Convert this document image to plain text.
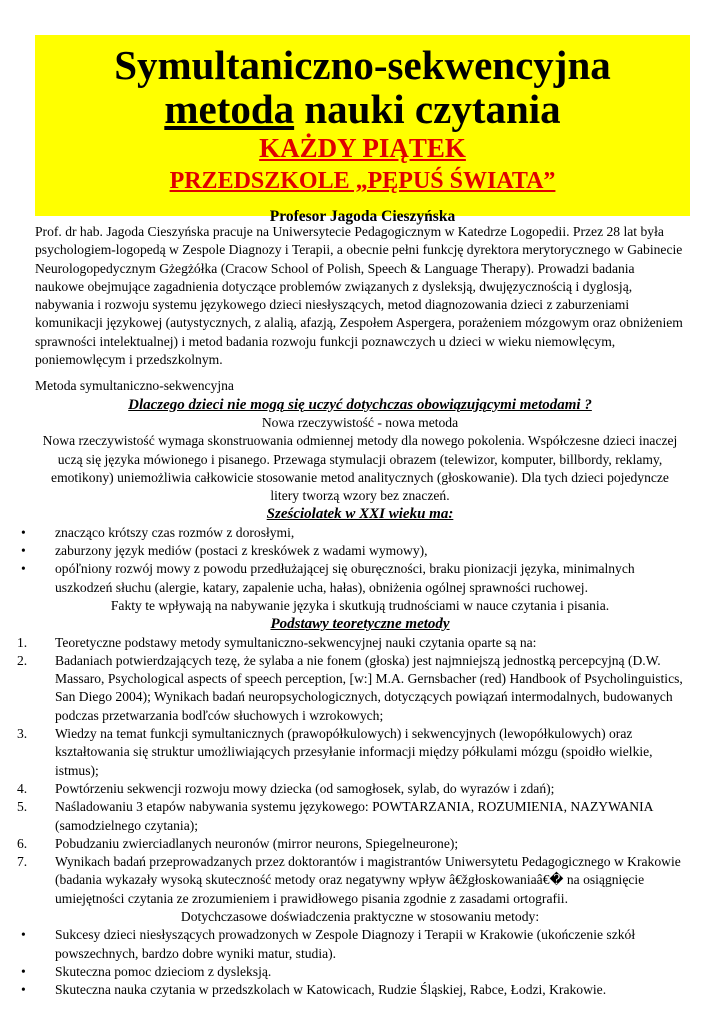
Symultaniczno-sekwencyjna
metoda nauki czytania
KAŻDY PIĄTEK
PRZEDSZKOLE „PĘPUŚ ŚWIATA”
Profesor Jagoda Cieszyńska

Prof. dr hab. Jagoda Cieszyńska pracuje na Uniwersytecie Pedagogicznym w Katedrze Logopedii. Przez 28 lat była psychologiem-logopedą w Zespole Diagnozy i Terapii, a obecnie pełni funkcję dyrektora merytorycznego w Gabinecie Neurologopedycznym Gżegżółka (Cracow School of Polish, Speech & Language Therapy). Prowadzi badania naukowe obejmujące zagadnienia dotyczące problemów związanych z dysleksją, dwujęzycznością i dyglosją, nabywania i rozwoju systemu językowego dzieci niesłyszących, metod diagnozowania dzieci z zaburzeniami komunikacji językowej (autystycznych, z alalią, afazją, Zespołem Aspergera, porażeniem mózgowym oraz obniżeniem sprawności intelektualnej) i metod badania rozwoju funkcji poznawczych u dzieci w wieku niemowlęcym, poniemowlęcym i przedszkolnym.

Metoda symultaniczno-sekwencyjna

Dlaczego dzieci nie mogą się uczyć dotychczas obowiązującymi metodami ?

Nowa rzeczywistość - nowa metoda

Nowa rzeczywistość wymaga skonstruowania odmiennej metody dla nowego pokolenia. Współczesne dzieci inaczej uczą się języka mówionego i pisanego. Przewaga stymulacji obrazem (telewizor, komputer, billbordy, reklamy, emotikony) uniemożliwia całkowicie stosowanie metod analitycznych (głoskowanie). Dla tych dzieci pojedyncze litery tworzą wzory bez znaczeń.

Sześciolatek w XXI wieku ma:

• znacząco krótszy czas rozmów z dorosłymi,
• zaburzony język mediów (postaci z kreskówek z wadami wymowy),
• opóľniony rozwój mowy z powodu przedłużającej się oburęczności, braku pionizacji języka, minimalnych uszkodzeń słuchu (alergie, katary, zapalenie ucha, hałas), obniżenia ogólnej sprawności ruchowej.

Fakty te wpływają na nabywanie języka i skutkują trudnościami w nauce czytania i pisania.

Podstawy teoretyczne metody

1. Teoretyczne podstawy metody symultaniczno-sekwencyjnej nauki czytania oparte są na:
2. Badaniach potwierdzających tezę, że sylaba a nie fonem (głoska) jest najmniejszą jednostką percepcyjną (D.W. Massaro, Psychological aspects of speech perception, [w:] M.A. Gernsbacher (red) Handbook of Psycholinguistics, San Diego 2004); Wynikach badań neuropsychologicznych, dotyczących powiązań intermodalnych, budowanych podczas przetwarzania bodľców słuchowych i wzrokowych;
3. Wiedzy na temat funkcji symultanicznych (prawopółkulowych) i sekwencyjnych (lewopółkulowych) oraz kształtowania się struktur umożliwiających przesyłanie informacji między półkulami mózgu (spoidło wielkie, istmus);
4. Powtórzeniu sekwencji rozwoju mowy dziecka (od samogłosek, sylab, do wyrazów i zdań);
5. Naśladowaniu 3 etapów nabywania systemu językowego: POWTARZANIA, ROZUMIENIA, NAZYWANIA (samodzielnego czytania);
6. Pobudzaniu zwierciadlanych neuronów (mirror neurons, Spiegelneurone);
7. Wynikach badań przeprowadzanych przez doktorantów i magistrantów Uniwersytetu Pedagogicznego w Krakowie (badania wykazały wysoką skuteczność metody oraz negatywny wpływ â€žgłoskowaniaâ€� na osiągnięcie umiejętności czytania ze zrozumieniem i prawidłowego pisania zgodnie z zasadami ortografii.

Dotychczasowe doświadczenia praktyczne w stosowaniu metody:

• Sukcesy dzieci niesłyszących prowadzonych w Zespole Diagnozy i Terapii w Krakowie (ukończenie szkół powszechnych, bardzo dobre wyniki matur, studia).
• Skuteczna pomoc dzieciom z dysleksją.
• Skuteczna nauka czytania w przedszkolach w Katowicach, Rudzie Śląskiej, Rabce, Łodzi, Krakowie.
